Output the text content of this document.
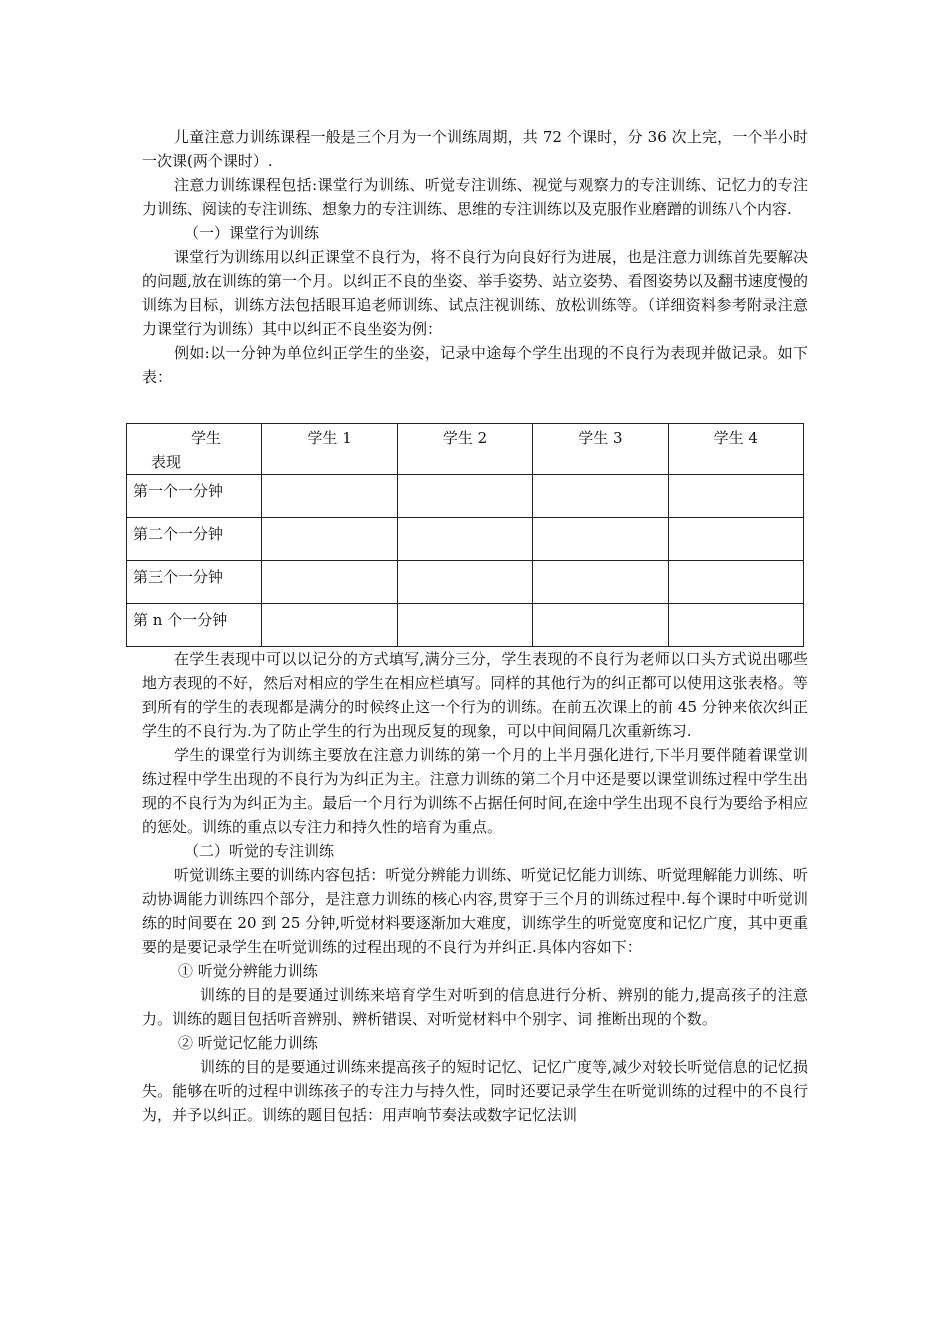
儿童注意力训练课程一般是三个月为一个训练周期，共 72 个课时，分 36 次上完，一个半小时一次课(两个课时）.

注意力训练课程包括:课堂行为训练、听觉专注训练、视觉与观察力的专注训练、记忆力的专注力训练、阅读的专注训练、想象力的专注训练、思维的专注训练以及克服作业磨蹭的训练八个内容.

（一）课堂行为训练

课堂行为训练用以纠正课堂不良行为，将不良行为向良好行为进展，也是注意力训练首先要解决的问题,放在训练的第一个月。以纠正不良的坐姿、举手姿势、站立姿势、看图姿势以及翻书速度慢的训练为目标，训练方法包括眼耳追老师训练、试点注视训练、放松训练等。（详细资料参考附录注意力课堂行为训练）其中以纠正不良坐姿为例：

例如:以一分钟为单位纠正学生的坐姿，记录中途每个学生出现的不良行为表现并做记录。如下表：

学生
表现	学生 1	学生 2	学生 3	学生 4
第一个一分钟				
第二个一分钟				
第三个一分钟				
第 n 个一分钟				

在学生表现中可以以记分的方式填写,满分三分，学生表现的不良行为老师以口头方式说出哪些地方表现的不好，然后对相应的学生在相应栏填写。同样的其他行为的纠正都可以使用这张表格。等到所有的学生的表现都是满分的时候终止这一个行为的训练。在前五次课上的前 45 分钟来依次纠正学生的不良行为.为了防止学生的行为出现反复的现象，可以中间间隔几次重新练习.

学生的课堂行为训练主要放在注意力训练的第一个月的上半月强化进行,下半月要伴随着课堂训练过程中学生出现的不良行为为纠正为主。注意力训练的第二个月中还是要以课堂训练过程中学生出现的不良行为为纠正为主。最后一个月行为训练不占据任何时间,在途中学生出现不良行为要给予相应的惩处。训练的重点以专注力和持久性的培育为重点。

（二）听觉的专注训练

听觉训练主要的训练内容包括：听觉分辨能力训练、听觉记忆能力训练、听觉理解能力训练、听动协调能力训练四个部分，是注意力训练的核心内容,贯穿于三个月的训练过程中.每个课时中听觉训练的时间要在 20 到 25 分钟,听觉材料要逐渐加大难度，训练学生的听觉宽度和记忆广度，其中更重要的是要记录学生在听觉训练的过程出现的不良行为并纠正.具体内容如下：

① 听觉分辨能力训练

训练的目的是要通过训练来培育学生对听到的信息进行分析、辨别的能力,提高孩子的注意力。训练的题目包括听音辨别、辨析错误、对听觉材料中个别字、词 推断出现的个数。

② 听觉记忆能力训练

训练的目的是要通过训练来提高孩子的短时记忆、记忆广度等,减少对较长听觉信息的记忆损失。能够在听的过程中训练孩子的专注力与持久性，同时还要记录学生在听觉训练的过程中的不良行为，并予以纠正。训练的题目包括：用声响节奏法或数字记忆法训
